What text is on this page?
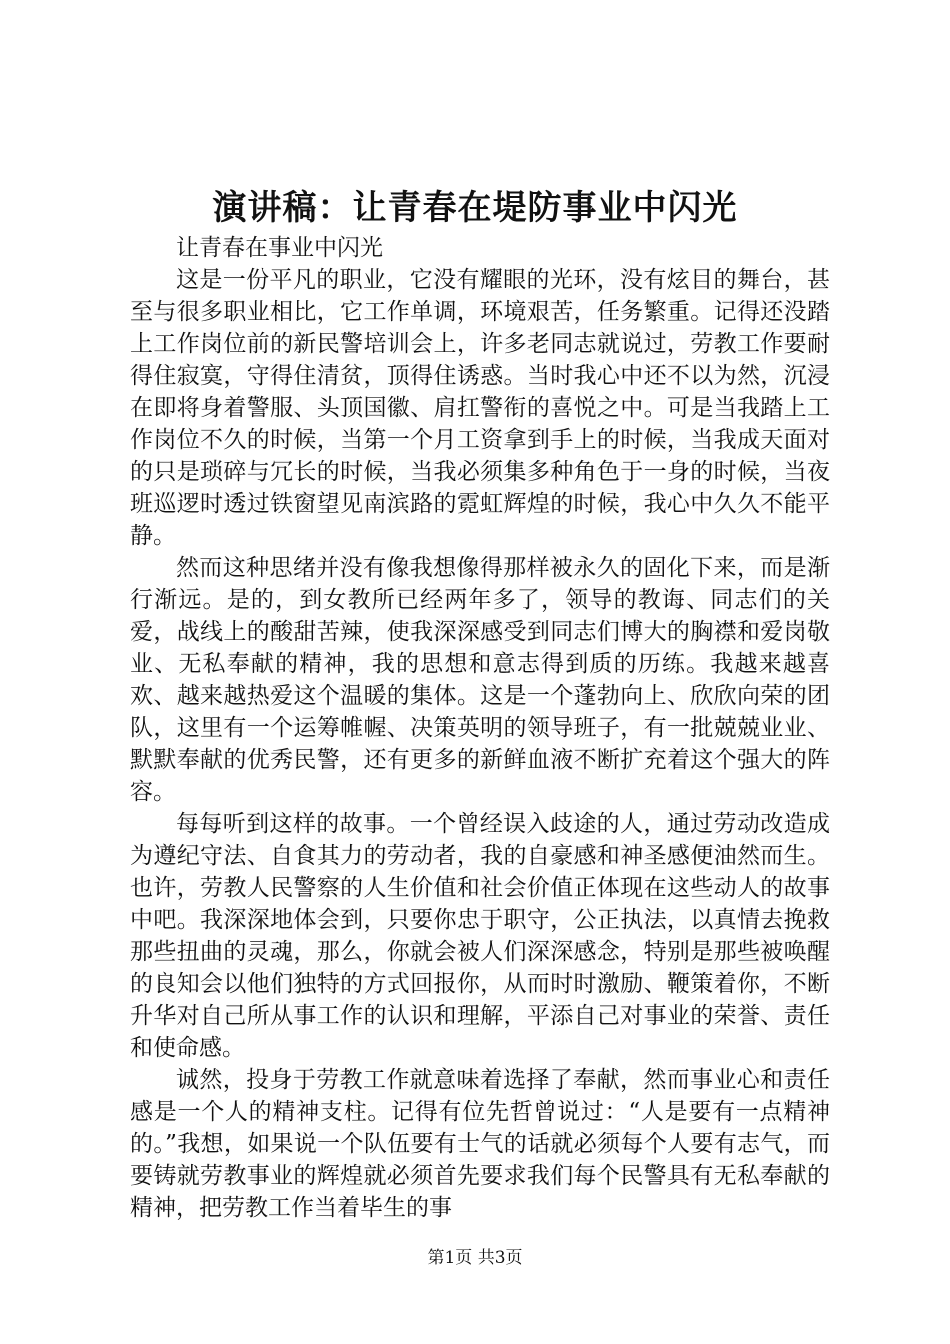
演讲稿：让青春在堤防事业中闪光

让青春在事业中闪光

这是一份平凡的职业，它没有耀眼的光环，没有炫目的舞台，甚至与很多职业相比，它工作单调，环境艰苦，任务繁重。记得还没踏上工作岗位前的新民警培训会上，许多老同志就说过，劳教工作要耐得住寂寞，守得住清贫，顶得住诱惑。当时我心中还不以为然，沉浸在即将身着警服、头顶国徽、肩扛警衔的喜悦之中。可是当我踏上工作岗位不久的时候，当第一个月工资拿到手上的时候，当我成天面对的只是琐碎与冗长的时候，当我必须集多种角色于一身的时候，当夜班巡逻时透过铁窗望见南滨路的霓虹辉煌的时候，我心中久久不能平静。

然而这种思绪并没有像我想像得那样被永久的固化下来，而是渐行渐远。是的，到女教所已经两年多了，领导的教诲、同志们的关爱，战线上的酸甜苦辣，使我深深感受到同志们博大的胸襟和爱岗敬业、无私奉献的精神，我的思想和意志得到质的历练。我越来越喜欢、越来越热爱这个温暖的集体。这是一个蓬勃向上、欣欣向荣的团队，这里有一个运筹帷幄、决策英明的领导班子，有一批兢兢业业、默默奉献的优秀民警，还有更多的新鲜血液不断扩充着这个强大的阵容。

每每听到这样的故事。一个曾经误入歧途的人，通过劳动改造成为遵纪守法、自食其力的劳动者，我的自豪感和神圣感便油然而生。也许，劳教人民警察的人生价值和社会价值正体现在这些动人的故事中吧。我深深地体会到，只要你忠于职守，公正执法，以真情去挽救那些扭曲的灵魂，那么，你就会被人们深深感念，特别是那些被唤醒的良知会以他们独特的方式回报你，从而时时激励、鞭策着你，不断升华对自己所从事工作的认识和理解，平添自己对事业的荣誉、责任和使命感。

诚然，投身于劳教工作就意味着选择了奉献，然而事业心和责任感是一个人的精神支柱。记得有位先哲曾说过：“人是要有一点精神的。”我想，如果说一个队伍要有士气的话就必须每个人要有志气，而要铸就劳教事业的辉煌就必须首先要求我们每个民警具有无私奉献的精神，把劳教工作当着毕生的事

第1页 共3页
